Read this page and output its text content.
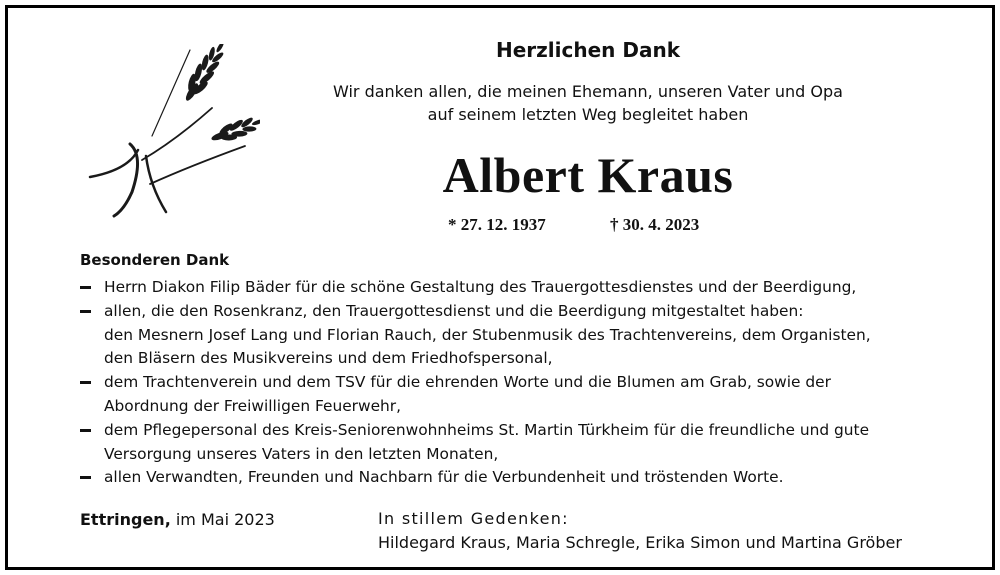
Herzlichen Dank
Wir danken allen, die meinen Ehemann, unseren Vater und Opa
auf seinem letzten Weg begleitet haben
Albert Kraus
* 27. 12. 1937	† 30. 4. 2023
Besonderen Dank
Herrn Diakon Filip Bäder für die schöne Gestaltung des Trauergottesdienstes und der Beerdigung,
allen, die den Rosenkranz, den Trauergottesdienst und die Beerdigung mitgestaltet haben:
den Mesnern Josef Lang und Florian Rauch, der Stubenmusik des Trachtenvereins, dem Organisten,
den Bläsern des Musikvereins und dem Friedhofspersonal,
dem Trachtenverein und dem TSV für die ehrenden Worte und die Blumen am Grab, sowie der
Abordnung der Freiwilligen Feuerwehr,
dem Pflegepersonal des Kreis-Seniorenwohnheims St. Martin Türkheim für die freundliche und gute
Versorgung unseres Vaters in den letzten Monaten,
allen Verwandten, Freunden und Nachbarn für die Verbundenheit und tröstenden Worte.
Ettringen, im Mai 2023	In stillem Gedenken:
Hildegard Kraus, Maria Schregle, Erika Simon und Martina Gröber
